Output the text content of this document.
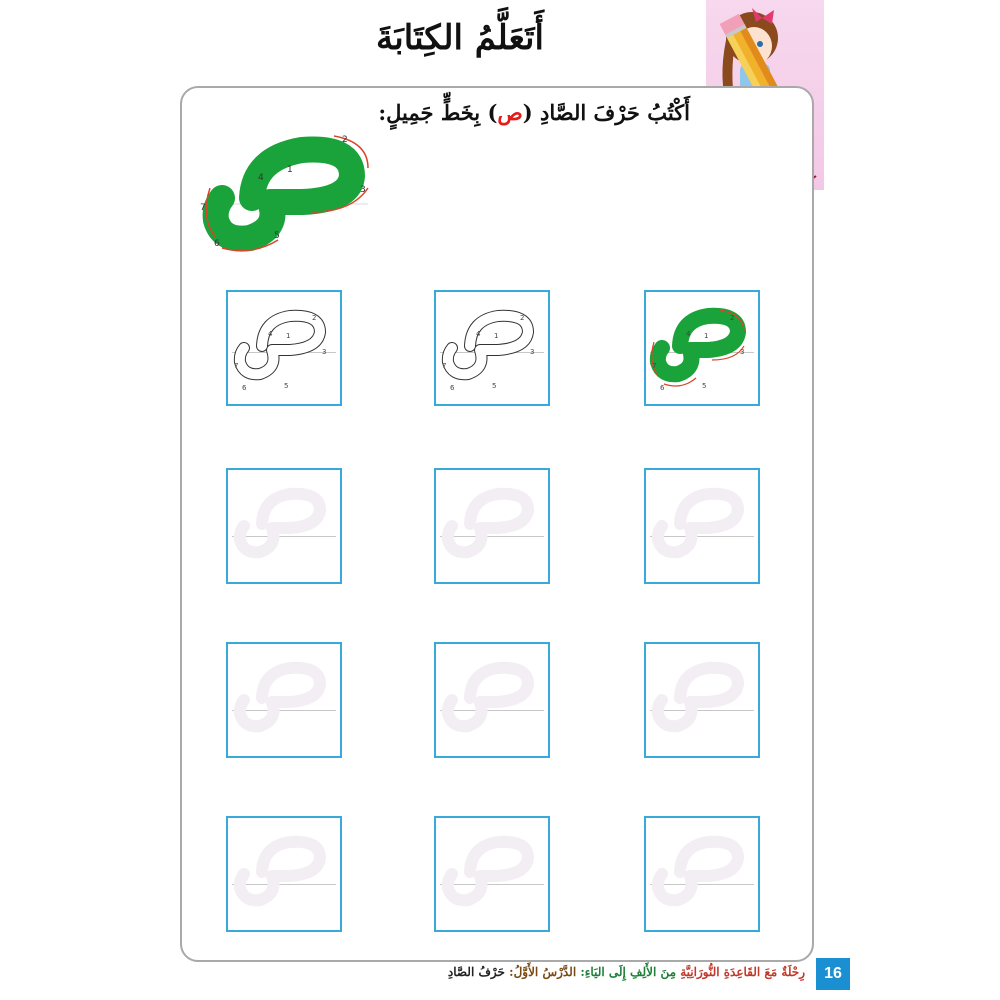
أَتَعَلَّمُ الكِتَابَةَ
أَكْتُبُ حَرْفَ الصَّادِ (ص) بِخَطٍّ جَمِيلٍ:
2
1
3
4
5
6
7
1
2
3
4
5
6
7
1
2
3
4
5
6
7
1
2
3
4
5
6
7
رِحْلَةٌ مَعَ القَاعِدَةِ النُّورَانِيَّةِ مِنَ الأَلِفِ إِلَى اليَاءِ: الدَّرْسُ الأَوَّلُ: حَرْفُ الصَّادِ	16
